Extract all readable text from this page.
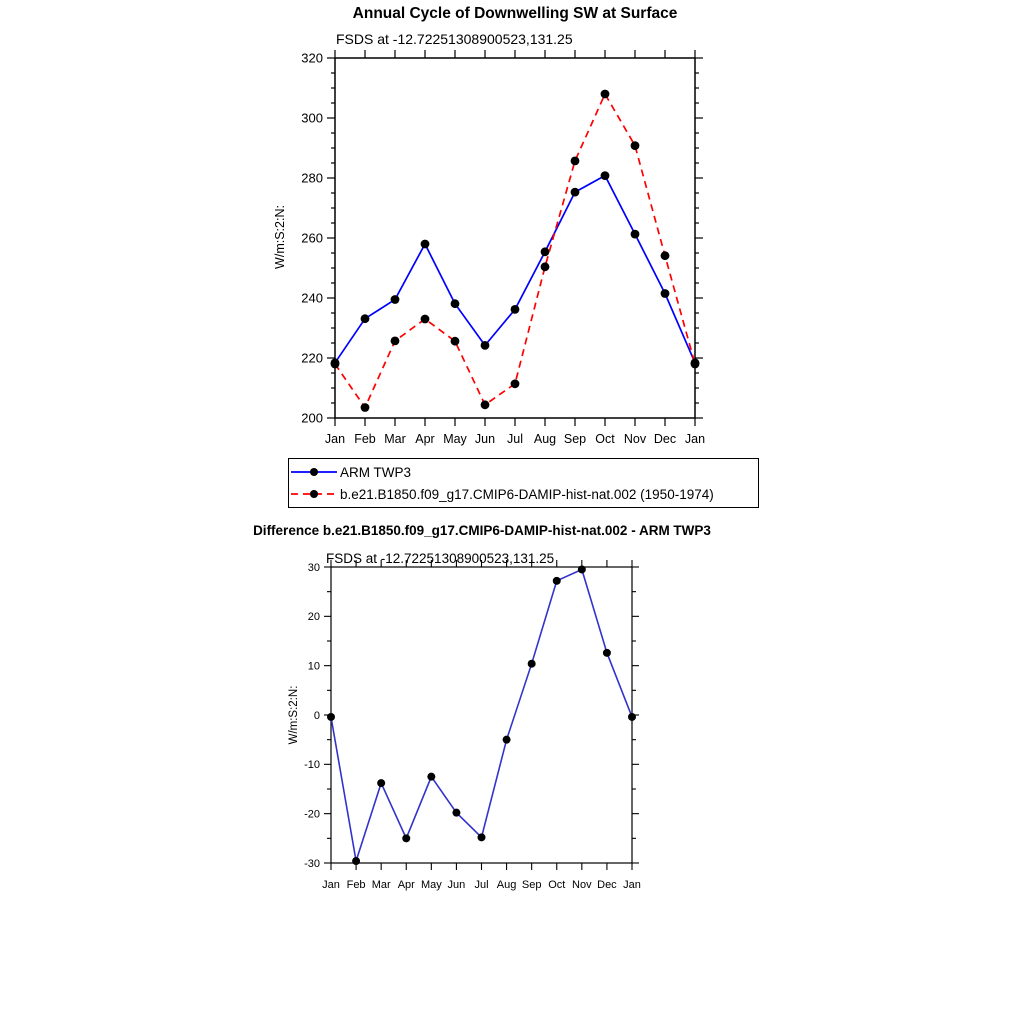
Annual Cycle of Downwelling SW at Surface
FSDS at -12.72251308900523,131.25
W/m:S:2:N:
200
220
240
260
280
300
320
Jan Feb Mar Apr May Jun Jul Aug Sep Oct Nov Dec Jan
ARM TWP3
b.e21.B1850.f09_g17.CMIP6-DAMIP-hist-nat.002 (1950-1974)
Difference b.e21.B1850.f09_g17.CMIP6-DAMIP-hist-nat.002 - ARM TWP3
FSDS at -12.72251308900523,131.25
W/m:S:2:N:
-30
-20
-10
0
10
20
30
Jan Feb Mar Apr May Jun Jul Aug Sep Oct Nov Dec Jan
